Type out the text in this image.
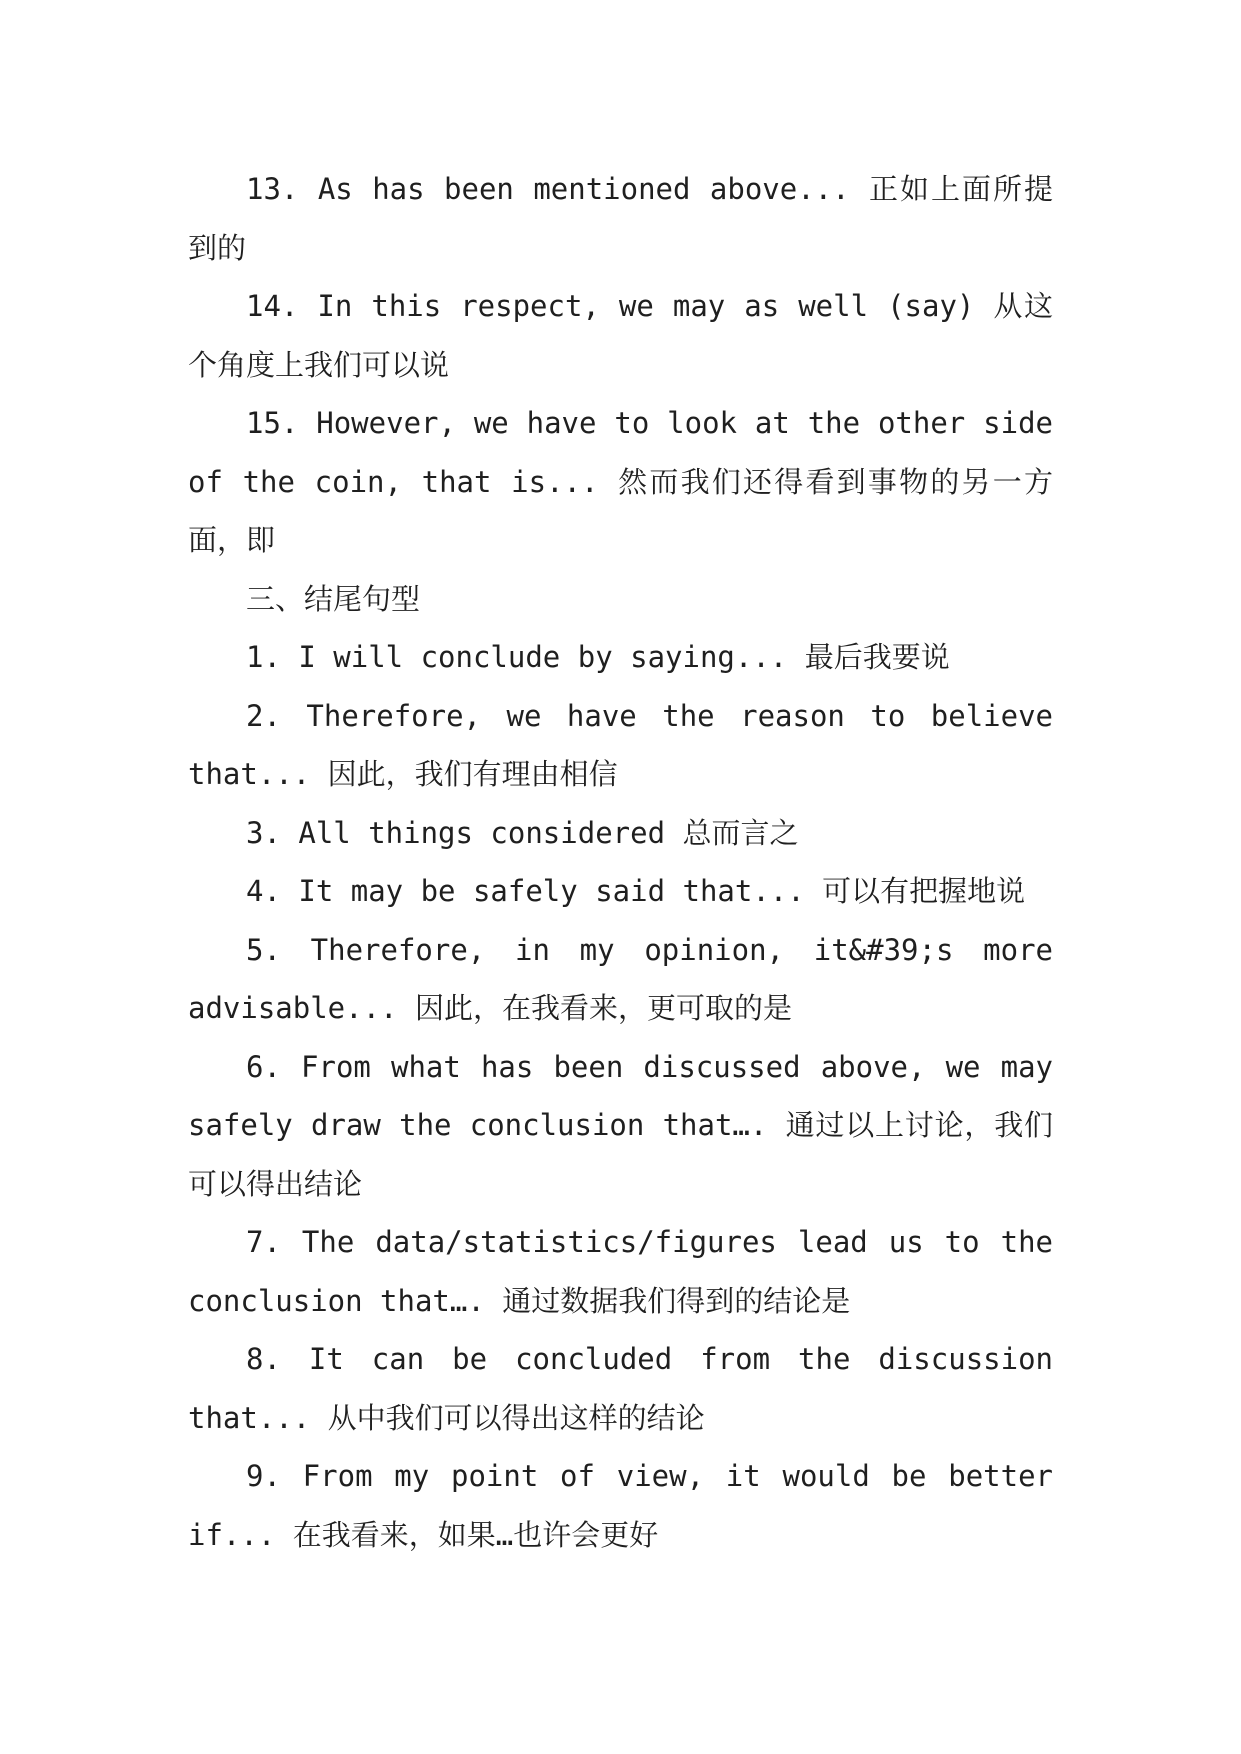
13. As has been mentioned above... 正如上面所提到的

14. In this respect, we may as well (say) 从这个角度上我们可以说

15. However, we have to look at the other side of the coin, that is... 然而我们还得看到事物的另一方面，即

三、结尾句型

1. I will conclude by saying... 最后我要说

2. Therefore, we have the reason to believe that... 因此，我们有理由相信

3. All things considered 总而言之

4. It may be safely said that... 可以有把握地说

5. Therefore, in my opinion, it&#39;s more advisable... 因此，在我看来，更可取的是

6. From what has been discussed above, we may safely draw the conclusion that…. 通过以上讨论，我们可以得出结论

7. The data/statistics/figures lead us to the conclusion that…. 通过数据我们得到的结论是

8. It can be concluded from the discussion that... 从中我们可以得出这样的结论

9. From my point of view, it would be better if... 在我看来，如果…也许会更好
